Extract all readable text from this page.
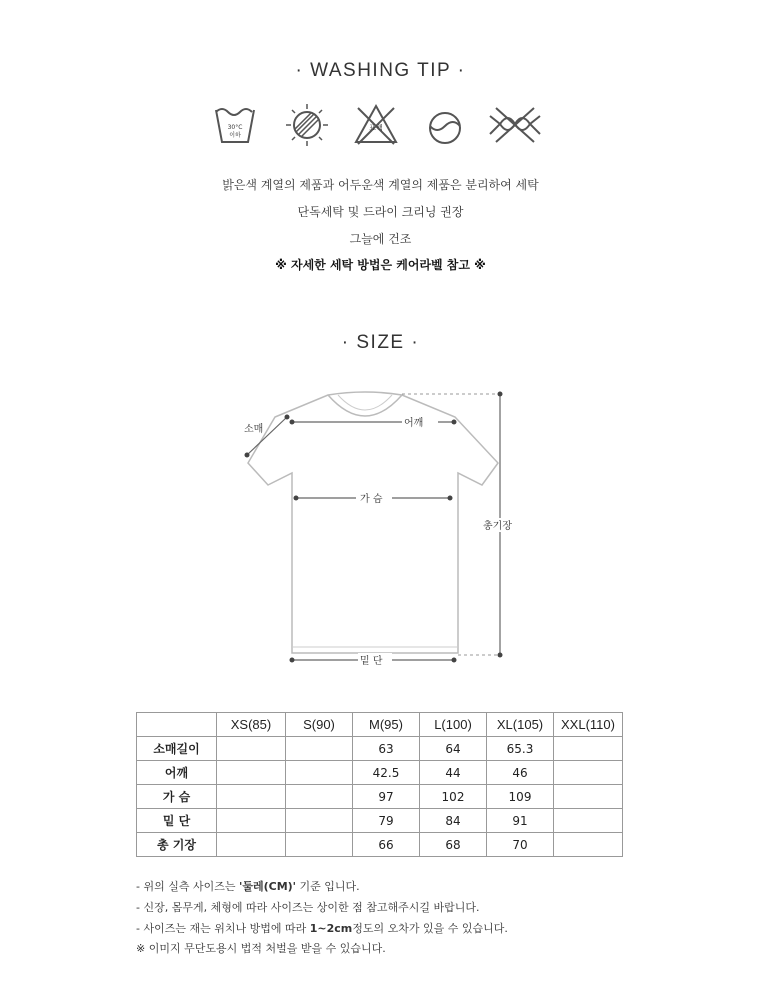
· WASHING TIP ·
30°C
이하
표백
밝은색 계열의 제품과 어두운색 계열의 제품은 분리하여 세탁
단독세탁 및 드라이 크리닝 권장
그늘에 건조
※ 자세한 세탁 방법은 케어라벨 참고 ※
· SIZE ·
소매
어깨
가 슴
밑 단
총기장
	XS(85)	S(90)	M(95)	L(100)	XL(105)	XXL(110)
소매길이			63	64	65.3	
어깨			42.5	44	46	
가 슴			97	102	109	
밑 단			79	84	91	
총 기장			66	68	70	
- 위의 실측 사이즈는 '둘레(CM)' 기준 입니다.
- 신장, 몸무게, 체형에 따라 사이즈는 상이한 점 참고해주시길 바랍니다.
- 사이즈는 재는 위치나 방법에 따라 1~2cm정도의 오차가 있을 수 있습니다.
※ 이미지 무단도용시 법적 처벌을 받을 수 있습니다.
